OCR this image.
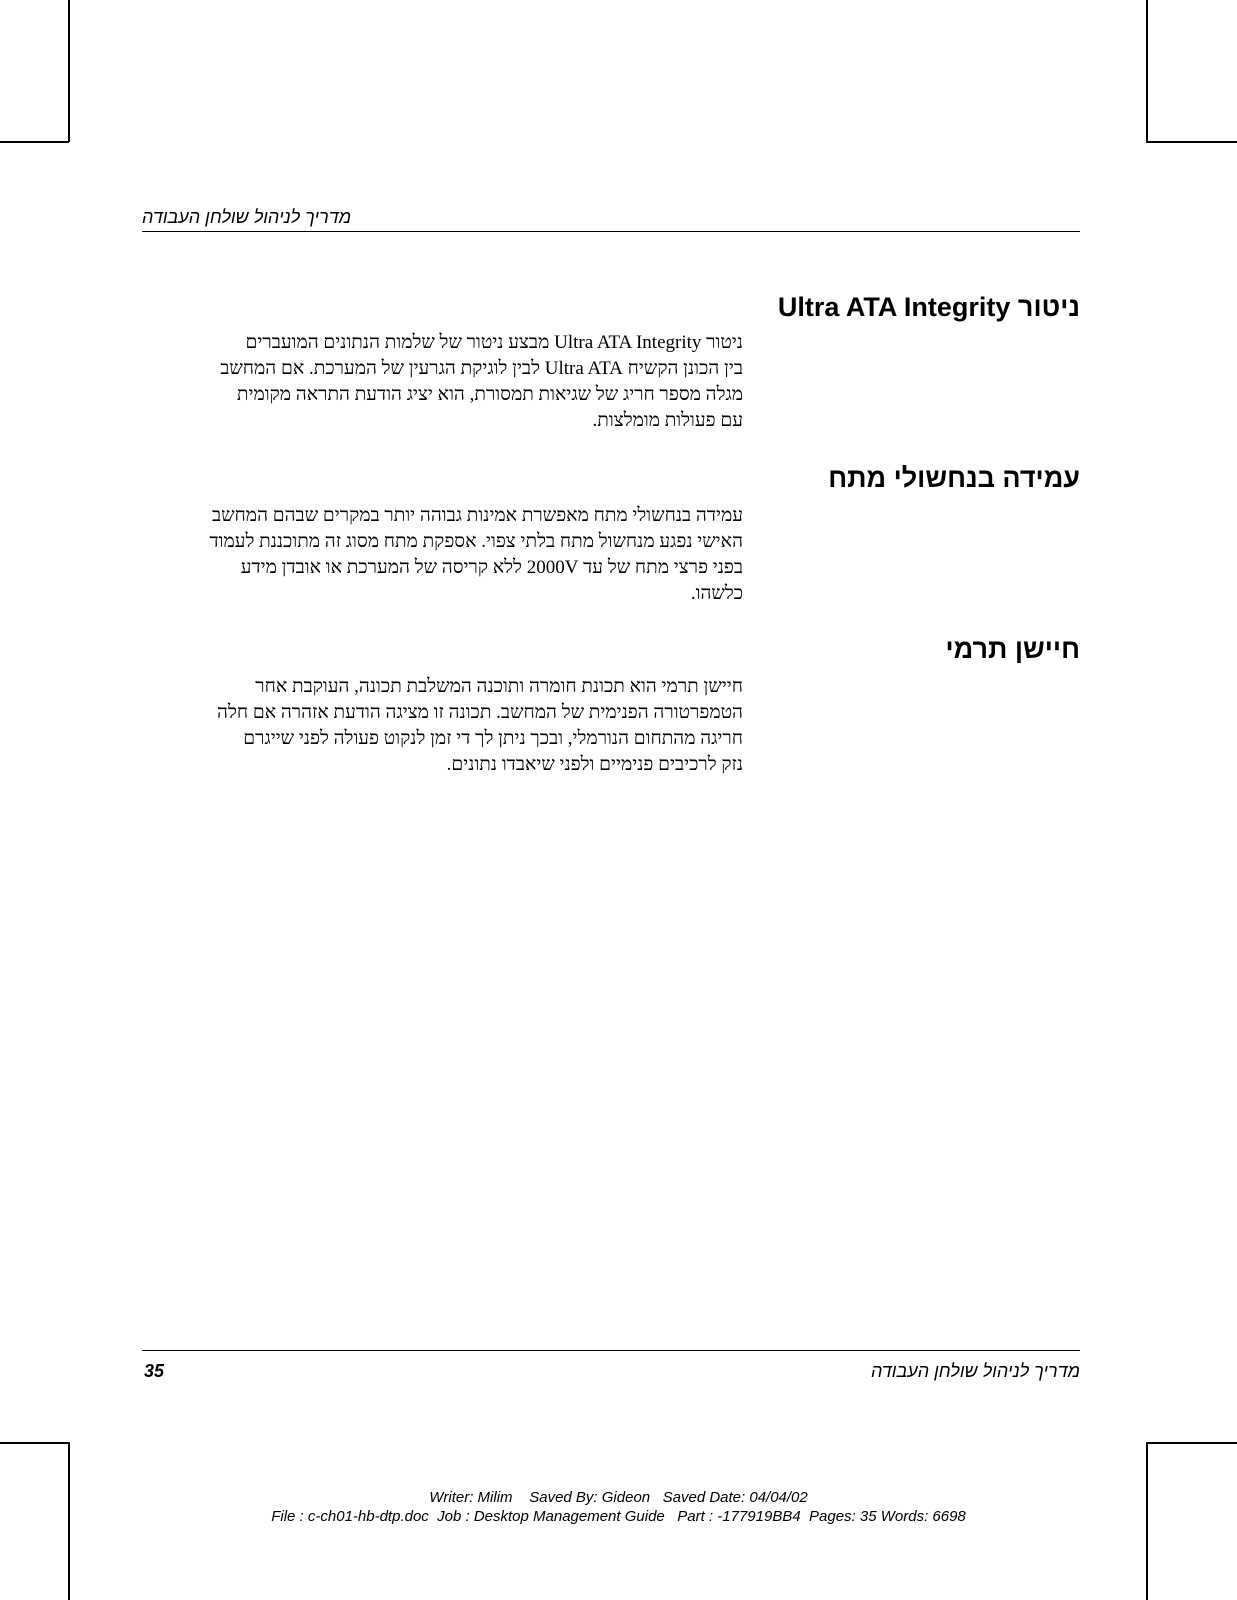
מדריך לניהול שולחן העבודה
ניטור Ultra ATA Integrity
ניטור Ultra ATA Integrity מבצע ניטור של שלמות הנתונים המועברים
בין הכונן הקשיח Ultra ATA לבין לוגיקת הגרעין של המערכת. אם המחשב
מגלה מספר חריג של שגיאות תמסורת, הוא יציג הודעת התראה מקומית
עם פעולות מומלצות.
עמידה בנחשולי מתח
עמידה בנחשולי מתח מאפשרת אמינות גבוהה יותר במקרים שבהם המחשב
האישי נפגע מנחשול מתח בלתי צפוי. אספקת מתח מסוג זה מתוכננת לעמוד
בפני פרצי מתח של עד 2000V ללא קריסה של המערכת או אובדן מידע
כלשהו.
חיישן תרמי
חיישן תרמי הוא תכונת חומרה ותוכנה המשלבת תכונה, העוקבת אחר
הטמפרטורה הפנימית של המחשב. תכונה זו מציגה הודעת אזהרה אם חלה
חריגה מהתחום הנורמלי, ובכך ניתן לך די זמן לנקוט פעולה לפני שייגרם
נזק לרכיבים פנימיים ולפני שיאבדו נתונים.
35	מדריך לניהול שולחן העבודה
Writer: Milim    Saved By: Gideon   Saved Date: 04/04/02
File : c-ch01-hb-dtp.doc  Job : Desktop Management Guide   Part : -177919BB4  Pages: 35 Words: 6698
